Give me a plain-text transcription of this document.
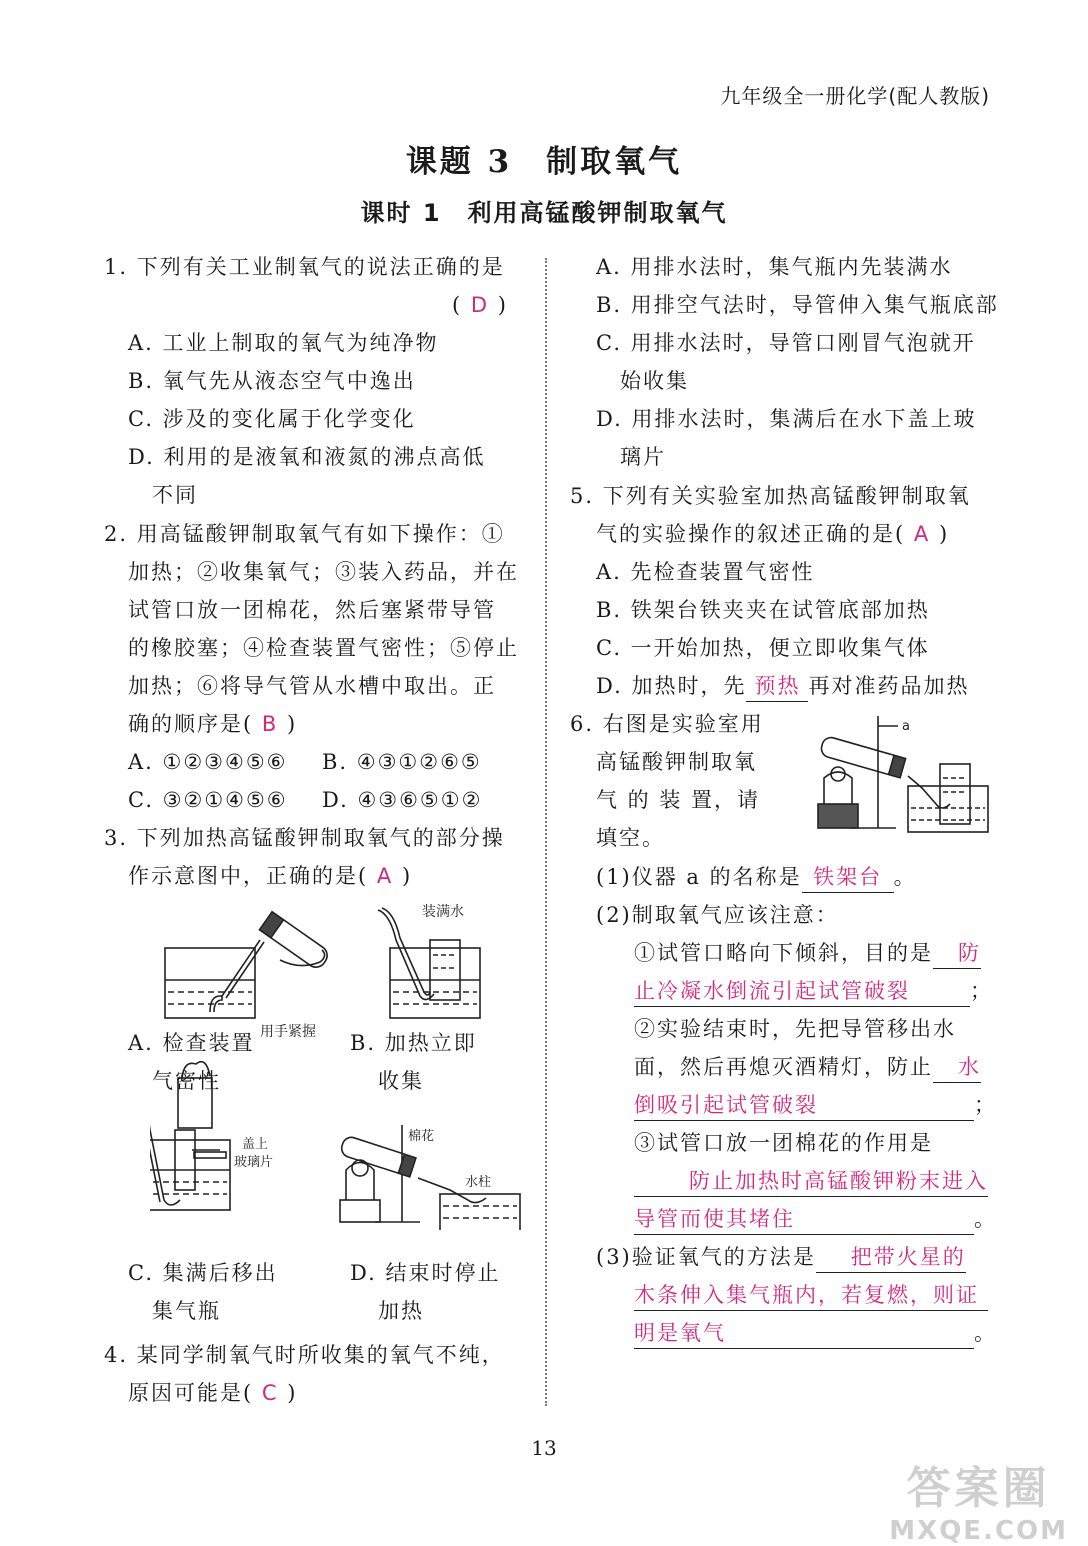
九年级全一册化学(配人教版)
课题 3　制取氧气
课时 1　利用高锰酸钾制取氧气
1. 下列有关工业制氧气的说法正确的是
( D )
A. 工业上制取的氧气为纯净物
B. 氧气先从液态空气中逸出
C. 涉及的变化属于化学变化
D. 利用的是液氧和液氮的沸点高低
不同
2. 用高锰酸钾制取氧气有如下操作：①
加热；②收集氧气；③装入药品，并在
试管口放一团棉花，然后塞紧带导管
的橡胶塞；④检查装置气密性；⑤停止
加热；⑥将导气管从水槽中取出。正
确的顺序是( B )
A. ①②③④⑤⑥ B. ④③①②⑥⑤
C. ③②①④⑤⑥ D. ④③⑥⑤①②
3. 下列加热高锰酸钾制取氧气的部分操
作示意图中，正确的是( A )
用手紧握
装满水
盖上
玻璃片
棉花
水柱
A. 检查装置
气密性
B. 加热立即
收集
C. 集满后移出
集气瓶
D. 结束时停止
加热
4. 某同学制氧气时所收集的氧气不纯，
原因可能是( C )
A. 用排水法时，集气瓶内先装满水
B. 用排空气法时，导管伸入集气瓶底部
C. 用排水法时，导管口刚冒气泡就开
始收集
D. 用排水法时，集满后在水下盖上玻
璃片
5. 下列有关实验室加热高锰酸钾制取氧
气的实验操作的叙述正确的是( A )
A. 先检查装置气密性
B. 铁架台铁夹夹在试管底部加热
C. 一开始加热，便立即收集气体
D. 加热时，先 预热 再对准药品加热
6. 右图是实验室用
高锰酸钾制取氧
气 的 装 置，请
填空。
a
(1)仪器 a 的名称是 铁架台 。
(2)制取氧气应该注意：
①试管口略向下倾斜，目的是 防
止冷凝水倒流引起试管破裂	；
②实验结束时，先把导管移出水
面，然后再熄灭酒精灯，防止 水
倒吸引起试管破裂	；
③试管口放一团棉花的作用是
防止加热时高锰酸钾粉末进入
导管而使其堵住	。
(3)验证氧气的方法是 把带火星的
木条伸入集气瓶内，若复燃，则证
明是氧气	。
13
答案圈
MXQE.COM
